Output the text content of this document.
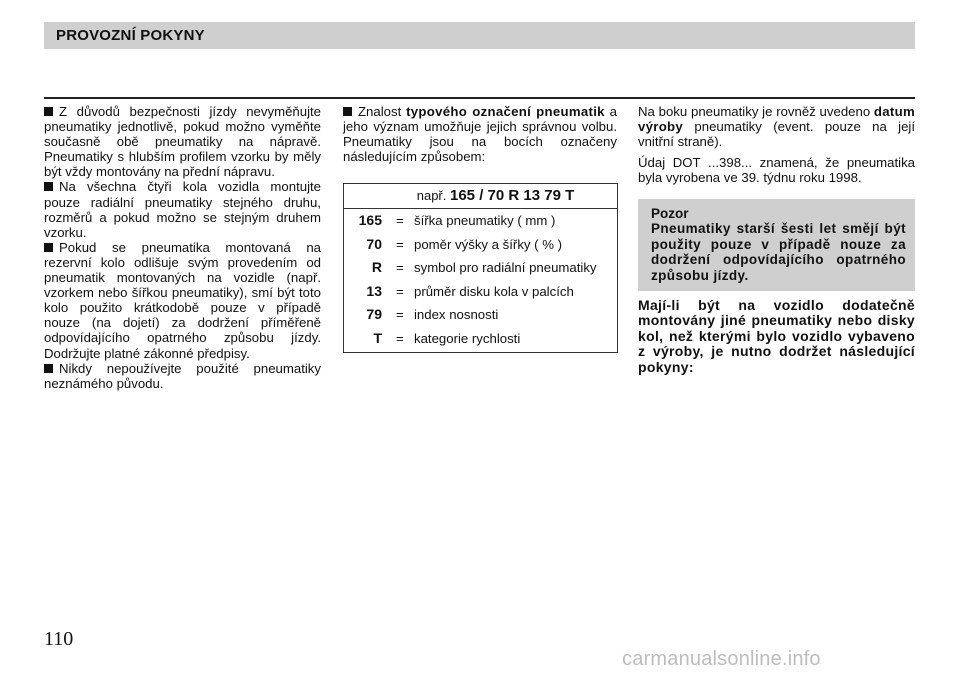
PROVOZNÍ POKYNY

Z důvodů bezpečnosti jízdy nevyměňujte pneumatiky jednotlivě, pokud možno vyměňte současně obě pneumatiky na nápravě. Pneumatiky s hlubším profilem vzorku by měly být vždy montovány na přední nápravu.

Na všechna čtyři kola vozidla montujte pouze radiální pneumatiky stejného druhu, rozměrů a pokud možno se stejným druhem vzorku.

Pokud se pneumatika montovaná na rezervní kolo odlišuje svým provedením od pneumatik montovaných na vozidle (např. vzorkem nebo šířkou pneumatiky), smí být toto kolo použito krátkodobě pouze v případě nouze (na dojetí) za dodržení příměřeně odpovídajícího opatrného způsobu jízdy. Dodržujte platné zákonné předpisy.

Nikdy nepoužívejte použité pneumatiky neznámého původu.

Znalost typového označení pneumatik a jeho význam umožňuje jejich správnou volbu. Pneumatiky jsou na bocích označeny následujícím způsobem:

např. 165 / 70 R 13 79 T
165 = šířka pneumatiky ( mm )
70 = poměr výšky a šířky ( % )
R = symbol pro radiální pneumatiky
13 = průměr disku kola v palcích
79 = index nosnosti
T = kategorie rychlosti

Na boku pneumatiky je rovněž uvedeno datum výroby pneumatiky (event. pouze na její vnitřní straně).

Údaj DOT ...398... znamená, že pneumatika byla vyrobena ve 39. týdnu roku 1998.

Pozor
Pneumatiky starší šesti let smějí být použity pouze v případě nouze za dodržení odpovídajícího opatrného způsobu jízdy.
Mají-li být na vozidlo dodatečně montovány jiné pneumatiky nebo disky kol, než kterými bylo vozidlo vybaveno z výroby, je nutno dodržet následující pokyny:
110
carmanualsonline.info
